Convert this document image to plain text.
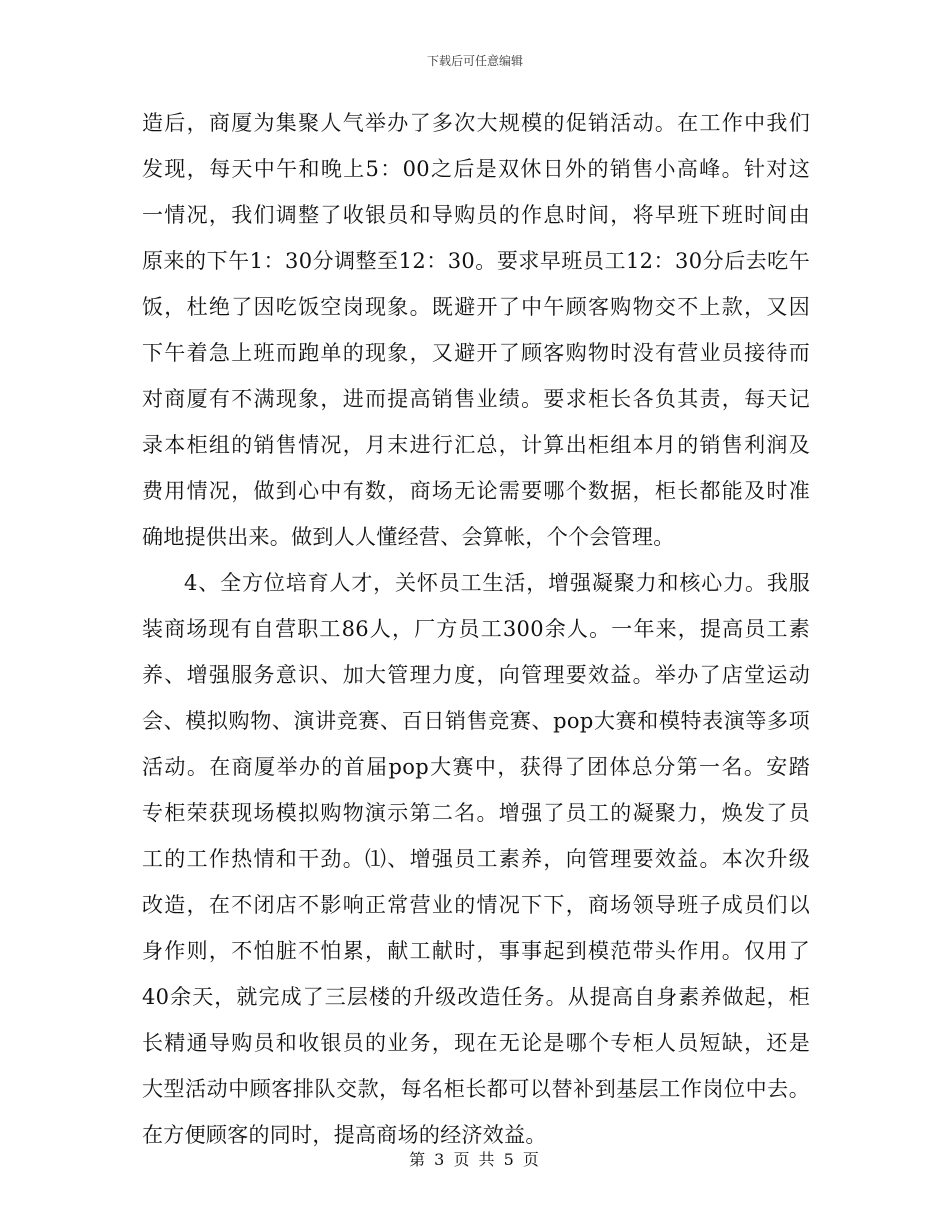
下载后可任意编辑
造后，商厦为集聚人气举办了多次大规模的促销活动。在工作中我们
发现，每天中午和晚上5：00之后是双休日外的销售小高峰。针对这
一情况，我们调整了收银员和导购员的作息时间，将早班下班时间由
原来的下午1：30分调整至12：30。要求早班员工12：30分后去吃午
饭，杜绝了因吃饭空岗现象。既避开了中午顾客购物交不上款，又因
下午着急上班而跑单的现象，又避开了顾客购物时没有营业员接待而
对商厦有不满现象，进而提高销售业绩。要求柜长各负其责，每天记
录本柜组的销售情况，月末进行汇总，计算出柜组本月的销售利润及
费用情况，做到心中有数，商场无论需要哪个数据，柜长都能及时准
确地提供出来。做到人人懂经营、会算帐，个个会管理。
4、全方位培育人才，关怀员工生活，增强凝聚力和核心力。我服
装商场现有自营职工86人，厂方员工300余人。一年来，提高员工素
养、增强服务意识、加大管理力度，向管理要效益。举办了店堂运动
会、模拟购物、演讲竞赛、百日销售竞赛、pop大赛和模特表演等多项
活动。在商厦举办的首届pop大赛中，获得了团体总分第一名。安踏
专柜荣获现场模拟购物演示第二名。增强了员工的凝聚力，焕发了员
工的工作热情和干劲。⑴、增强员工素养，向管理要效益。本次升级
改造，在不闭店不影响正常营业的情况下下，商场领导班子成员们以
身作则，不怕脏不怕累，献工献时，事事起到模范带头作用。仅用了
40余天，就完成了三层楼的升级改造任务。从提高自身素养做起，柜
长精通导购员和收银员的业务，现在无论是哪个专柜人员短缺，还是
大型活动中顾客排队交款，每名柜长都可以替补到基层工作岗位中去。
在方便顾客的同时，提高商场的经济效益。
第 3 页 共 5 页
